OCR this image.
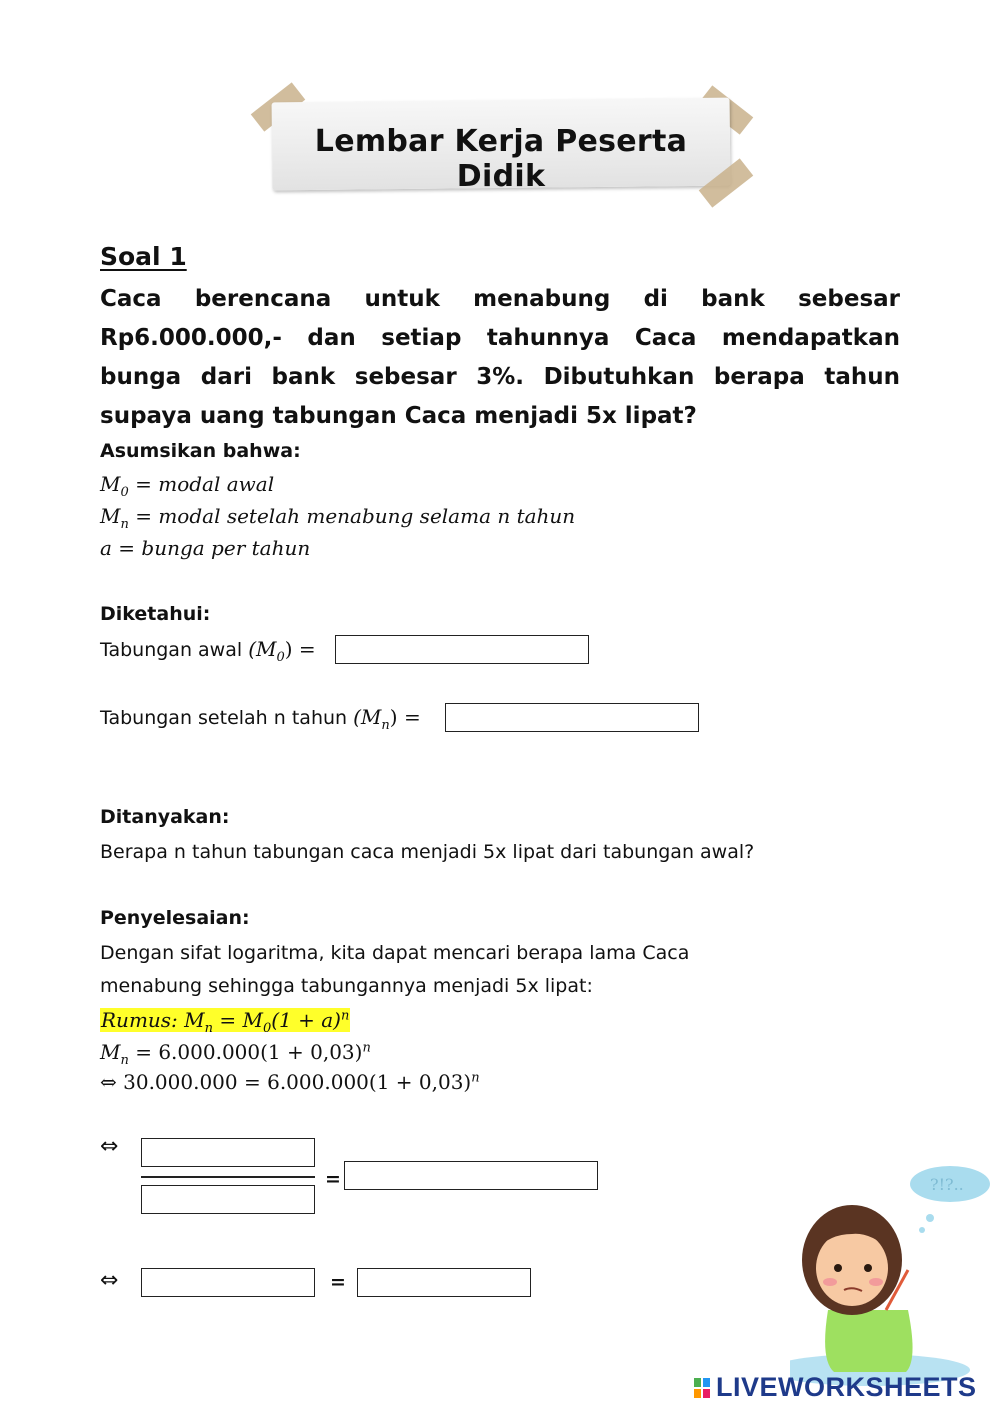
Lembar Kerja Peserta Didik
Soal 1
Caca berencana untuk menabung di bank sebesar Rp6.000.000,- dan setiap tahunnya Caca mendapatkan bunga dari bank sebesar 3%. Dibutuhkan berapa tahun supaya uang tabungan Caca menjadi 5x lipat?
Asumsikan bahwa:
$M_0$ = modal awal
$M_n$ = modal setelah menabung selama n tahun
a = bunga per tahun
Diketahui:
Tabungan awal $(M_0)$ =
Tabungan setelah n tahun $(M_n)$ =
Ditanyakan:
Berapa n tahun tabungan caca menjadi 5x lipat dari tabungan awal?
Penyelesaian:
Dengan sifat logaritma, kita dapat mencari berapa lama Caca
menabung sehingga tabungannya menjadi 5x lipat:
Rumus: $M_n = M_0(1 + a)^n$
$M_n = 6.000.000(1 + 0,03)^n$
⇔ $30.000.000 = 6.000.000(1 + 0,03)^n$
⇔
=
⇔	=
?!?..
LIVEWORKSHEETS
